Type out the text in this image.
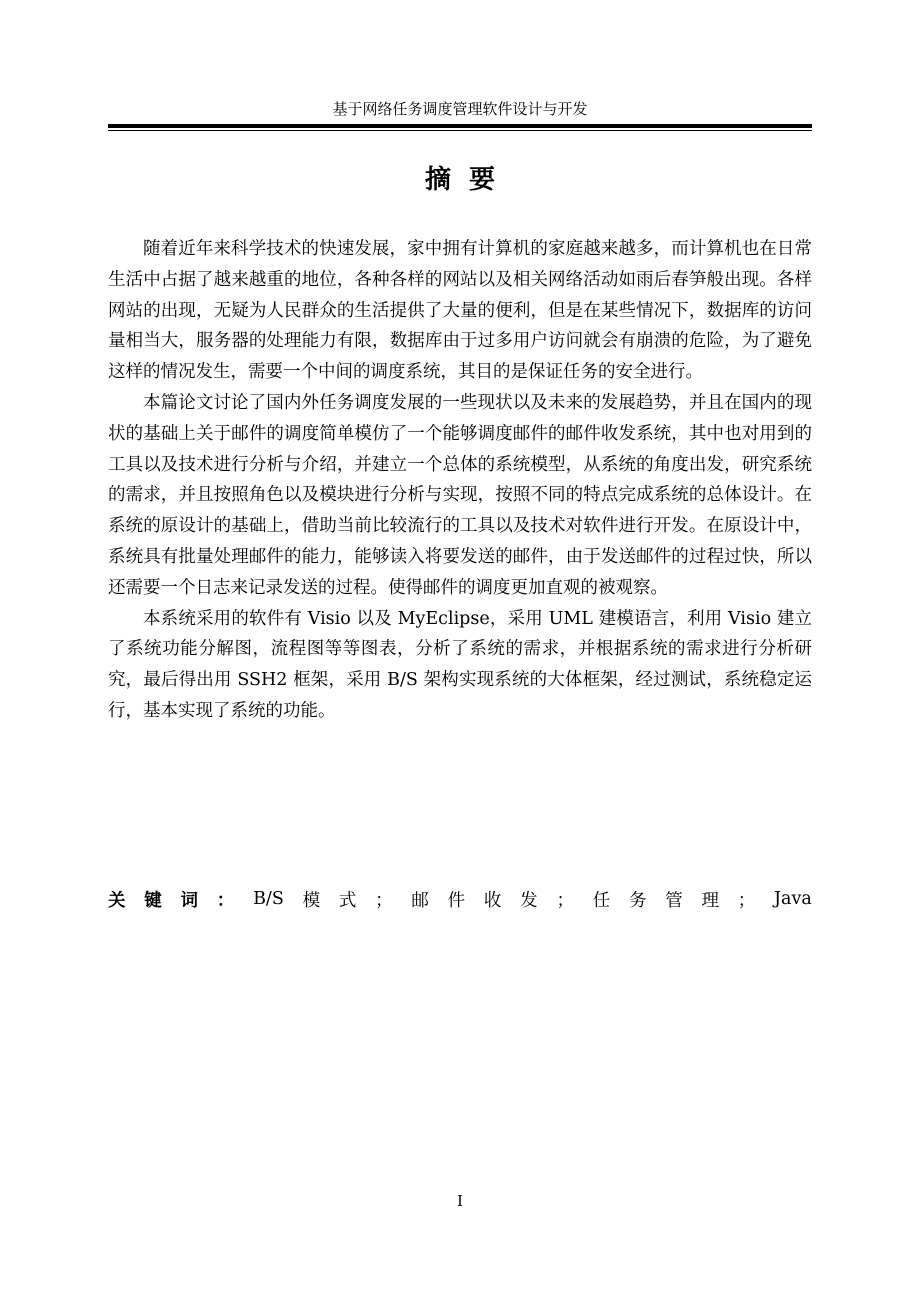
基于网络任务调度管理软件设计与开发
摘要

随着近年来科学技术的快速发展，家中拥有计算机的家庭越来越多，而计算机也在日常生活中占据了越来越重的地位，各种各样的网站以及相关网络活动如雨后春笋般出现。各样网站的出现，无疑为人民群众的生活提供了大量的便利，但是在某些情况下，数据库的访问量相当大，服务器的处理能力有限，数据库由于过多用户访问就会有崩溃的危险，为了避免这样的情况发生，需要一个中间的调度系统，其目的是保证任务的安全进行。

本篇论文讨论了国内外任务调度发展的一些现状以及未来的发展趋势，并且在国内的现状的基础上关于邮件的调度简单模仿了一个能够调度邮件的邮件收发系统，其中也对用到的工具以及技术进行分析与介绍，并建立一个总体的系统模型，从系统的角度出发，研究系统的需求，并且按照角色以及模块进行分析与实现，按照不同的特点完成系统的总体设计。在系统的原设计的基础上，借助当前比较流行的工具以及技术对软件进行开发。在原设计中，系统具有批量处理邮件的能力，能够读入将要发送的邮件，由于发送邮件的过程过快，所以还需要一个日志来记录发送的过程。使得邮件的调度更加直观的被观察。

本系统采用的软件有 Visio 以及 MyEclipse，采用 UML 建模语言，利用 Visio 建立了系统功能分解图，流程图等等图表，分析了系统的需求，并根据系统的需求进行分析研究，最后得出用 SSH2 框架，采用 B/S 架构实现系统的大体框架，经过测试，系统稳定运行，基本实现了系统的功能。

关 键 词 ： B/S 模 式 ； 邮 件 收 发 ； 任 务 管 理 ； Java
I
